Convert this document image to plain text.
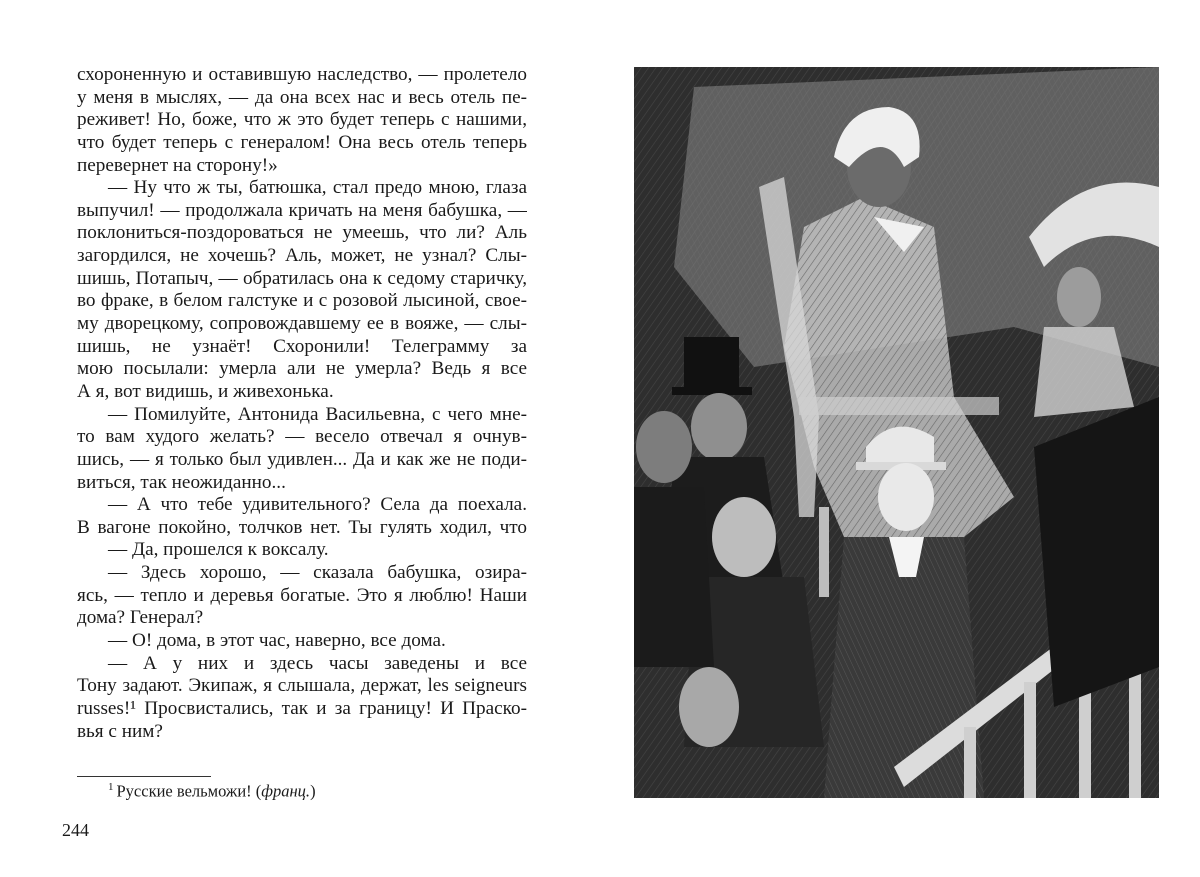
схороненную и оставившую наследство, — пролетело
у меня в мыслях, — да она всех нас и весь отель пе-
реживет! Но, боже, что ж это будет теперь с нашими,
что будет теперь с генералом! Она весь отель теперь
перевернет на сторону!»
— Ну что ж ты, батюшка, стал предо мною, глаза
выпучил! — продолжала кричать на меня бабушка, —
поклониться-поздороваться не умеешь, что ли? Аль
загордился, не хочешь? Аль, может, не узнал? Слы-
шишь, Потапыч, — обратилась она к седому старичку,
во фраке, в белом галстуке и с розовой лысиной, свое-
му дворецкому, сопровождавшему ее в вояже, — слы-
шишь, не узнаёт! Схоронили! Телеграмму за
мою посылали: умерла али не умерла? Ведь я все
А я, вот видишь, и живехонька.
— Помилуйте, Антонида Васильевна, с чего мне-
то вам худого желать? — весело отвечал я очнув-
шись, — я только был удивлен... Да и как же не поди-
виться, так неожиданно...
— А что тебе удивительного? Села да поехала.
В вагоне покойно, толчков нет. Ты гулять ходил, что
— Да, прошелся к воксалу.
— Здесь хорошо, — сказала бабушка, озира-
ясь, — тепло и деревья богатые. Это я люблю! Наши
дома? Генерал?
— О! дома, в этот час, наверно, все дома.
— А у них и здесь часы заведены и все
Тону задают. Экипаж, я слышала, держат, les seigneurs
russes!¹ Просвистались, так и за границу! И Праско-
вья с ним?
$^1$ Русские вельможи! (франц.)
244
